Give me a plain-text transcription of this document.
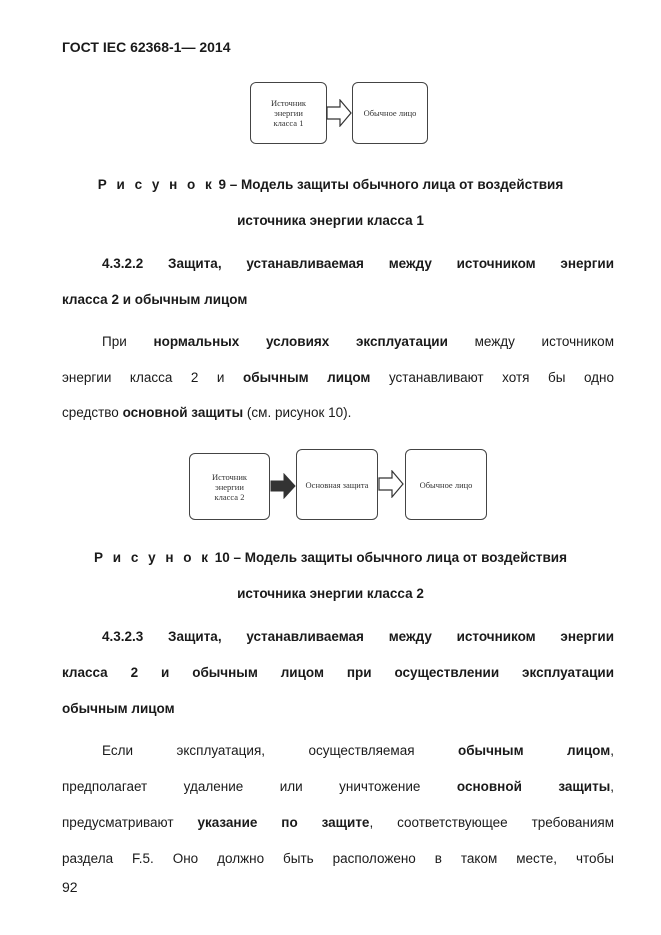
ГОСТ IEC 62368-1— 2014
Источник
энергии
класса 1
Обычное лицо
Р и с у н о к 9 – Модель защиты обычного лица от воздействия
источника энергии класса 1
4.3.2.2 Защита, устанавливаемая между источником энергии
класса 2 и обычным лицом
При нормальных условиях эксплуатации между источником
энергии класса 2 и обычным лицом устанавливают хотя бы одно
средство основной защиты (см. рисунок 10).
Источник
энергии
класса 2
Основная защита	Обычное лицо
Р и с у н о к 10 – Модель защиты обычного лица от воздействия
источника энергии класса 2
4.3.2.3 Защита, устанавливаемая между источником энергии
класса 2 и обычным лицом при осуществлении эксплуатации
обычным лицом
Если эксплуатация, осуществляемая обычным лицом,
предполагает удаление или уничтожение основной защиты,
предусматривают указание по защите, соответствующее требованиям
раздела F.5. Оно должно быть расположено в таком месте, чтобы
92
